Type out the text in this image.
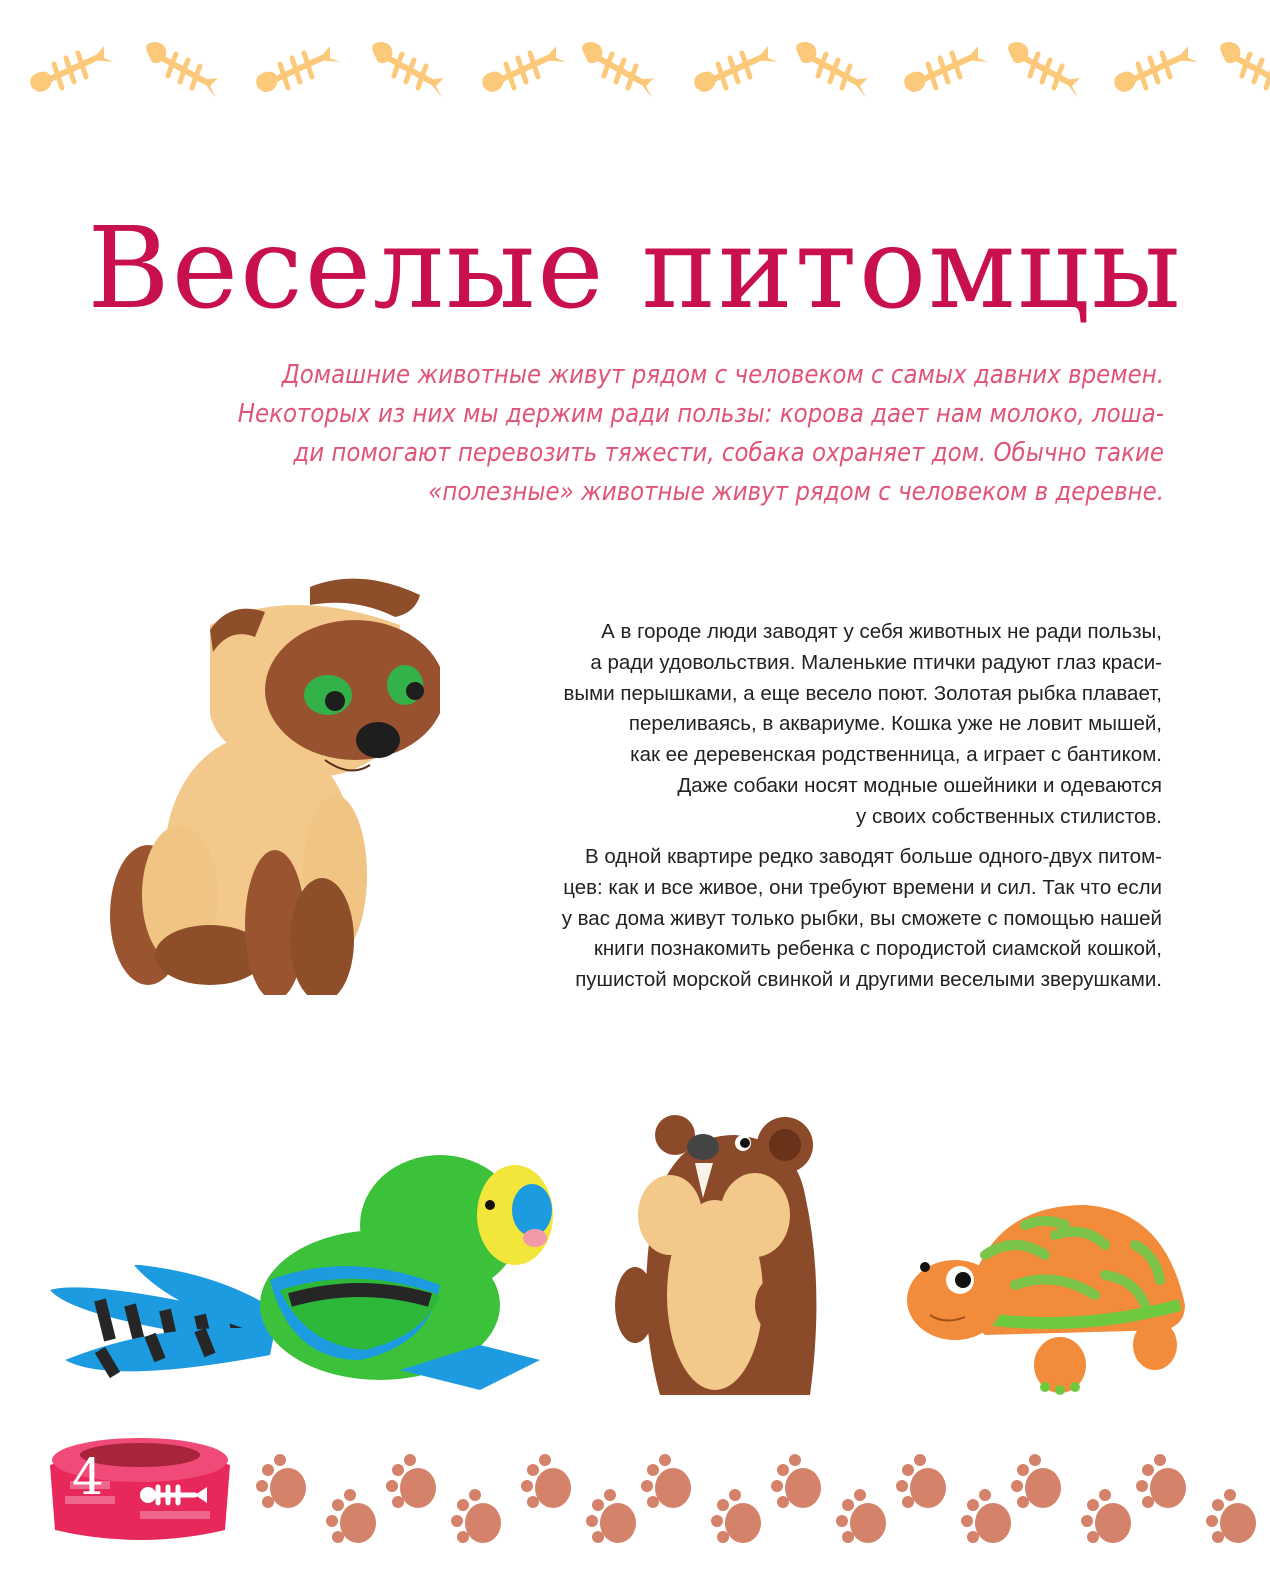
Веселые питомцы
Домашние животные живут рядом с человеком с самых давних времен.
Некоторых из них мы держим ради пользы: корова дает нам молоко, лоша-
ди помогают перевозить тяжести, собака охраняет дом. Обычно такие
«полезные» животные живут рядом с человеком в деревне.
А в городе люди заводят у себя животных не ради пользы,
а ради удовольствия. Маленькие птички радуют глаз краси-
выми перышками, а еще весело поют. Золотая рыбка плавает,
переливаясь, в аквариуме. Кошка уже не ловит мышей,
как ее деревенская родственница, а играет с бантиком.
Даже собаки носят модные ошейники и одеваются
у своих собственных стилистов.
В одной квартире редко заводят больше одного-двух питом-
цев: как и все живое, они требуют времени и сил. Так что если
у вас дома живут только рыбки, вы сможете с помощью нашей
книги познакомить ребенка с породистой сиамской кошкой,
пушистой морской свинкой и другими веселыми зверушками.
4
